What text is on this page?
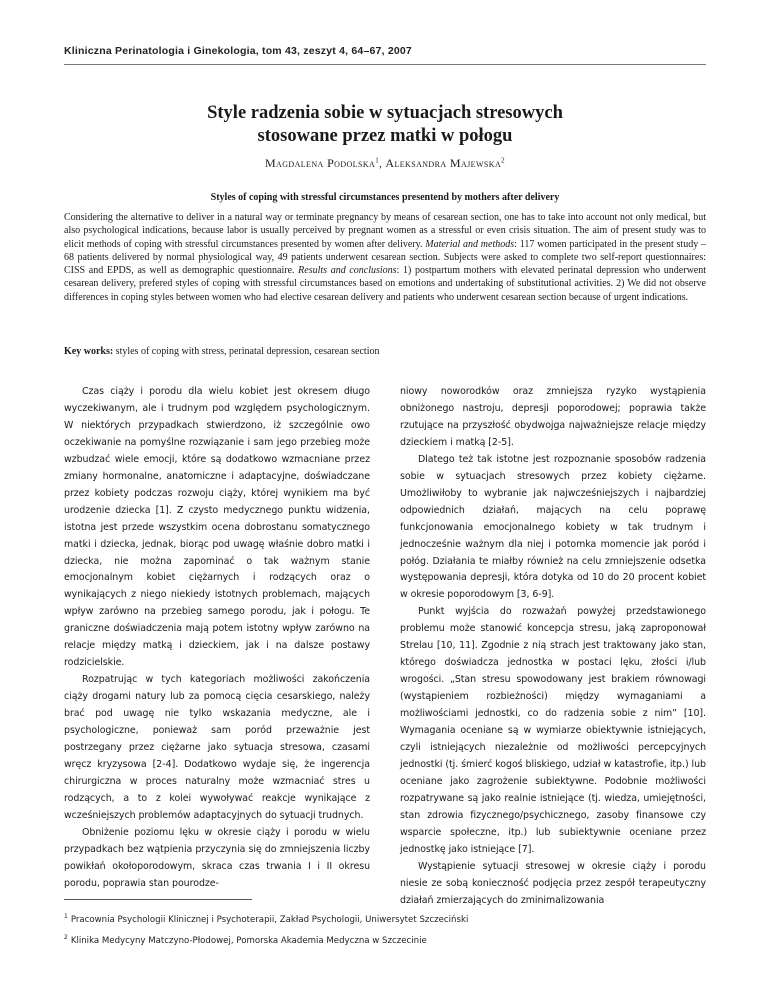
Kliniczna Perinatologia i Ginekologia, tom 43, zeszyt 4, 64–67, 2007
Style radzenia sobie w sytuacjach stresowych
stosowane przez matki w połogu
Magdalena Podolska$^1$, Aleksandra Majewska$^2$
Styles of coping with stressful circumstances presentend by mothers after delivery
Considering the alternative to deliver in a natural way or terminate pregnancy by means of cesarean section, one has to take into account not only medical, but also psychological indications, because labor is usually perceived by pregnant women as a stressful or even crisis situation. The aim of present study was to elicit methods of coping with stressful circumstances presented by women after delivery. Material and methods: 117 women participated in the present study – 68 patients delivered by normal physiological way, 49 patients underwent cesarean section. Subjects were asked to complete two self-report questionnaires: CISS and EPDS, as well as demographic questionnaire. Results and conclusions: 1) postpartum mothers with elevated perinatal depression who underwent cesarean delivery, prefered styles of coping with stressful circumstances based on emotions and undertaking of substitutional activities. 2) We did not observe differences in coping styles between women who had elective cesarean delivery and patients who underwent cesarean section because of urgent indications.
Key works: styles of coping with stress, perinatal depression, cesarean section

Czas ciąży i porodu dla wielu kobiet jest okresem długo wyczekiwanym, ale i trudnym pod względem psychologicznym. W niektórych przypadkach stwierdzono, iż szczególnie owo oczekiwanie na pomyślne rozwiązanie i sam jego przebieg może wzbudzać wiele emocji, które są dodatkowo wzmacniane przez zmiany hormonalne, anatomiczne i adaptacyjne, doświadczane przez kobiety podczas rozwoju ciąży, której wynikiem ma być urodzenie dziecka [1]. Z czysto medycznego punktu widzenia, istotna jest przede wszystkim ocena dobrostanu somatycznego matki i dziecka, jednak, biorąc pod uwagę właśnie dobro matki i dziecka, nie można zapominać o tak ważnym stanie emocjonalnym kobiet ciężarnych i rodzących oraz o wynikających z niego niekiedy istotnych problemach, mających wpływ zarówno na przebieg samego porodu, jak i połogu. Te graniczne doświadczenia mają potem istotny wpływ zarówno na relacje między matką i dzieckiem, jak i na dalsze postawy rodzicielskie.

Rozpatrując w tych kategoriach możliwości zakończenia ciąży drogami natury lub za pomocą cięcia cesarskiego, należy brać pod uwagę nie tylko wskazania medyczne, ale i psychologiczne, ponieważ sam poród przeważnie jest postrzegany przez ciężarne jako sytuacja stresowa, czasami wręcz kryzysowa [2-4]. Dodatkowo wydaje się, że ingerencja chirurgiczna w proces naturalny może wzmacniać stres u rodzących, a to z kolei wywoływać reakcje wynikające z wcześniejszych problemów adaptacyjnych do sytuacji trudnych.

Obniżenie poziomu lęku w okresie ciąży i porodu w wielu przypadkach bez wątpienia przyczynia się do zmniejszenia liczby powikłań okołoporodowym, skraca czas trwania I i II okresu porodu, poprawia stan pourodze-

niowy noworodków oraz zmniejsza ryzyko wystąpienia obniżonego nastroju, depresji poporodowej; poprawia także rzutujące na przyszłość obydwojga najważniejsze relacje między dzieckiem i matką [2-5].

Dlatego też tak istotne jest rozpoznanie sposobów radzenia sobie w sytuacjach stresowych przez kobiety ciężarne. Umożliwiłoby to wybranie jak najwcześniejszych i najbardziej odpowiednich działań, mających na celu poprawę funkcjonowania emocjonalnego kobiety w tak trudnym i jednocześnie ważnym dla niej i potomka momencie jak poród i połóg. Działania te miałby również na celu zmniejszenie odsetka występowania depresji, która dotyka od 10 do 20 procent kobiet w okresie poporodowym [3, 6-9].

Punkt wyjścia do rozważań powyżej przedstawionego problemu może stanowić koncepcja stresu, jaką zaproponował Strelau [10, 11]. Zgodnie z nią strach jest traktowany jako stan, którego doświadcza jednostka w postaci lęku, złości i/lub wrogości. „Stan stresu spowodowany jest brakiem równowagi (wystąpieniem rozbieżności) między wymaganiami a możliwościami jednostki, co do radzenia sobie z nim” [10]. Wymagania oceniane są w wymiarze obiektywnie istniejących, czyli istniejących niezależnie od możliwości percepcyjnych jednostki (tj. śmierć kogoś bliskiego, udział w katastrofie, itp.) lub oceniane jako zagrożenie subiektywne. Podobnie możliwości rozpatrywane są jako realnie istniejące (tj. wiedza, umiejętności, stan zdrowia fizycznego/psychicznego, zasoby finansowe czy wsparcie społeczne, itp.) lub subiektywnie oceniane przez jednostkę jako istniejące [7].

Wystąpienie sytuacji stresowej w okresie ciąży i porodu niesie ze sobą konieczność podjęcia przez zespół terapeutyczny działań zmierzających do zminimalizowania

$^1$ Pracownia Psychologii Klinicznej i Psychoterapii, Zakład Psychologii, Uniwersytet Szczeciński
$^2$ Klinika Medycyny Matczyno-Płodowej, Pomorska Akademia Medyczna w Szczecinie
